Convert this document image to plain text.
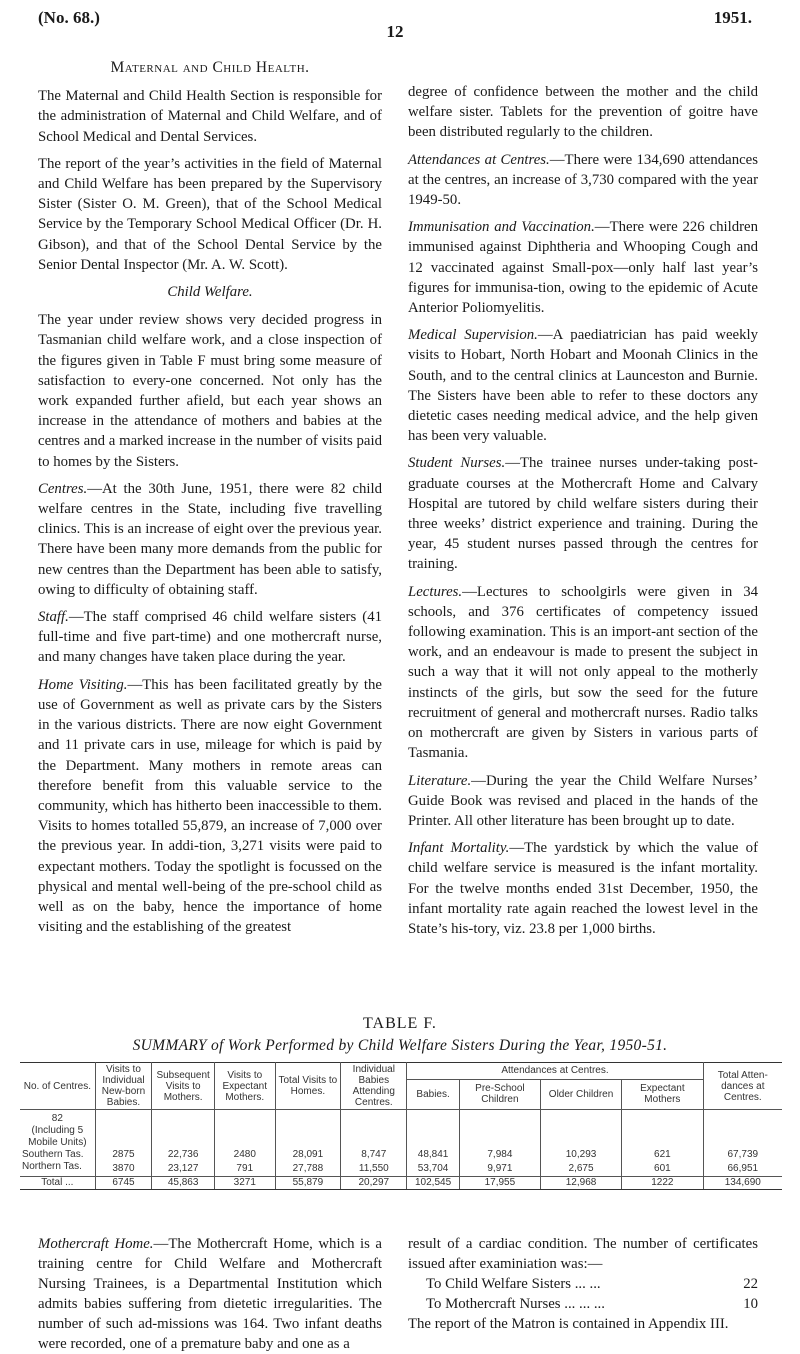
(No. 68.)
12
1951.
Maternal and Child Health.

The Maternal and Child Health Section is responsible for the administration of Maternal and Child Welfare, and of School Medical and Dental Services.

The report of the year’s activities in the field of Maternal and Child Welfare has been prepared by the Supervisory Sister (Sister O. M. Green), that of the School Medical Service by the Temporary School Medical Officer (Dr. H. Gibson), and that of the School Dental Service by the Senior Dental Inspector (Mr. A. W. Scott).

Child Welfare.

The year under review shows very decided progress in Tasmanian child welfare work, and a close inspection of the figures given in Table F must bring some measure of satisfaction to every-one concerned. Not only has the work expanded further afield, but each year shows an increase in the attendance of mothers and babies at the centres and a marked increase in the number of visits paid to homes by the Sisters.

Centres.—At the 30th June, 1951, there were 82 child welfare centres in the State, including five travelling clinics. This is an increase of eight over the previous year. There have been many more demands from the public for new centres than the Department has been able to satisfy, owing to difficulty of obtaining staff.

Staff.—The staff comprised 46 child welfare sisters (41 full-time and five part-time) and one mothercraft nurse, and many changes have taken place during the year.

Home Visiting.—This has been facilitated greatly by the use of Government as well as private cars by the Sisters in the various districts. There are now eight Government and 11 private cars in use, mileage for which is paid by the Department. Many mothers in remote areas can therefore benefit from this valuable service to the community, which has hitherto been inaccessible to them. Visits to homes totalled 55,879, an increase of 7,000 over the previous year. In addi-tion, 3,271 visits were paid to expectant mothers. Today the spotlight is focussed on the physical and mental well-being of the pre-school child as well as on the baby, hence the importance of home visiting and the establishing of the greatest

degree of confidence between the mother and the child welfare sister. Tablets for the prevention of goitre have been distributed regularly to the children.

Attendances at Centres.—There were 134,690 attendances at the centres, an increase of 3,730 compared with the year 1949-50.

Immunisation and Vaccination.—There were 226 children immunised against Diphtheria and Whooping Cough and 12 vaccinated against Small-pox—only half last year’s figures for immunisa-tion, owing to the epidemic of Acute Anterior Poliomyelitis.

Medical Supervision.—A paediatrician has paid weekly visits to Hobart, North Hobart and Moonah Clinics in the South, and to the central clinics at Launceston and Burnie. The Sisters have been able to refer to these doctors any dietetic cases needing medical advice, and the help given has been very valuable.

Student Nurses.—The trainee nurses under-taking post-graduate courses at the Mothercraft Home and Calvary Hospital are tutored by child welfare sisters during their three weeks’ district experience and training. During the year, 45 student nurses passed through the centres for training.

Lectures.—Lectures to schoolgirls were given in 34 schools, and 376 certificates of competency issued following examination. This is an import-ant section of the work, and an endeavour is made to present the subject in such a way that it will not only appeal to the motherly instincts of the girls, but sow the seed for the future recruitment of general and mothercraft nurses. Radio talks on mothercraft are given by Sisters in various parts of Tasmania.

Literature.—During the year the Child Welfare Nurses’ Guide Book was revised and placed in the hands of the Printer. All other literature has been brought up to date.

Infant Mortality.—The yardstick by which the value of child welfare service is measured is the infant mortality. For the twelve months ended 31st December, 1950, the infant mortality rate again reached the lowest level in the State’s his-tory, viz. 23.8 per 1,000 births.

TABLE F.
SUMMARY of Work Performed by Child Welfare Sisters During the Year, 1950-51.
No. of Centres.	Visits to Individual New-born Babies.	Subsequent Visits to Mothers.	Visits to Expectant Mothers.	Total Visits to Homes.	Individual Babies Attending Centres.	Attendances at Centres.				Total Atten-dances at Centres.
						Babies.	Pre-School Children	Older Children	Expectant Mothers	
82										
(Including 5										
Mobile Units)										
Southern Tas.	2875	22,736	2480	28,091	8,747	48,841	7,984	10,293	621	67,739
Northern Tas.	3870	23,127	791	27,788	11,550	53,704	9,971	2,675	601	66,951
Total ...	6745	45,863	3271	55,879	20,297	102,545	17,955	12,968	1222	134,690
Mothercraft Home.—The Mothercraft Home, which is a training centre for Child Welfare and Mothercraft Nursing Trainees, is a Departmental Institution which admits babies suffering from dietetic irregularities. The number of such ad-missions was 164. Two infant deaths were recorded, one of a premature baby and one as a
result of a cardiac condition. The number of certificates issued after examiniation was:—
To Child Welfare Sisters ... ...	22
To Mothercraft Nurses ... ... ...	10
The report of the Matron is contained in Appendix III.
